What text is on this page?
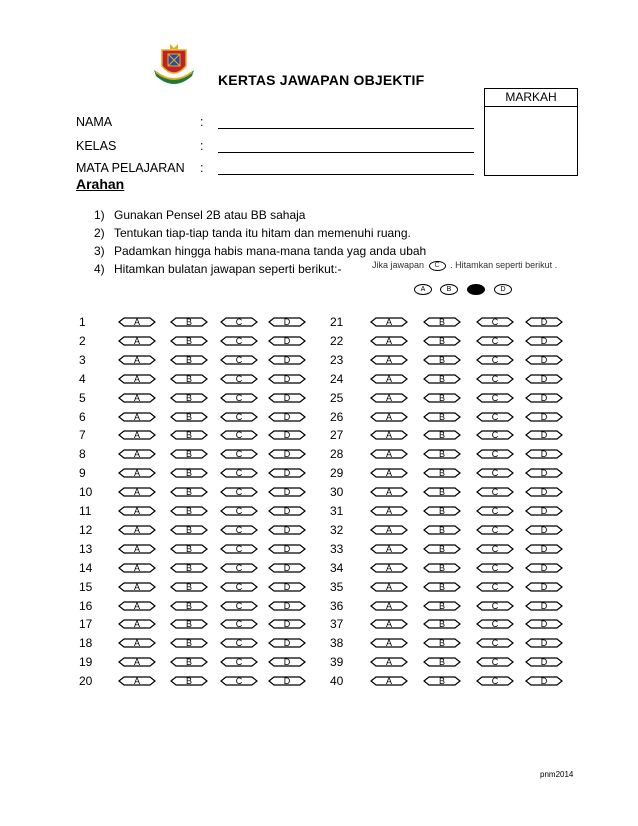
KERTAS JAWAPAN OBJEKTIF
MARKAH
NAMA	:
KELAS	:
MATA PELAJARAN :
Arahan
1) Gunakan Pensel 2B atau BB sahaja
2) Tentukan tiap-tiap tanda itu hitam dan memenuhi ruang.
3) Padamkan hingga habis mana-mana tanda yag anda ubah
4) Hitamkan bulatan jawapan seperti berikut:-	Jika jawapan C . Hitamkan seperti berikut .
A	B	D
1	A	B	C	D
2	A	B	C	D
3	A	B	C	D
4	A	B	C	D
5	A	B	C	D
6	A	B	C	D
7	A	B	C	D
8	A	B	C	D
9	A	B	C	D
10	A	B	C	D
11	A	B	C	D
12	A	B	C	D
13	A	B	C	D
14	A	B	C	D
15	A	B	C	D
16	A	B	C	D
17	A	B	C	D
18	A	B	C	D
19	A	B	C	D
20	A	B	C	D
21	A	B	C	D
22	A	B	C	D
23	A	B	C	D
24	A	B	C	D
25	A	B	C	D
26	A	B	C	D
27	A	B	C	D
28	A	B	C	D
29	A	B	C	D
30	A	B	C	D
31	A	B	C	D
32	A	B	C	D
33	A	B	C	D
34	A	B	C	D
35	A	B	C	D
36	A	B	C	D
37	A	B	C	D
38	A	B	C	D
39	A	B	C	D
40	A	B	C	D
pnm2014
